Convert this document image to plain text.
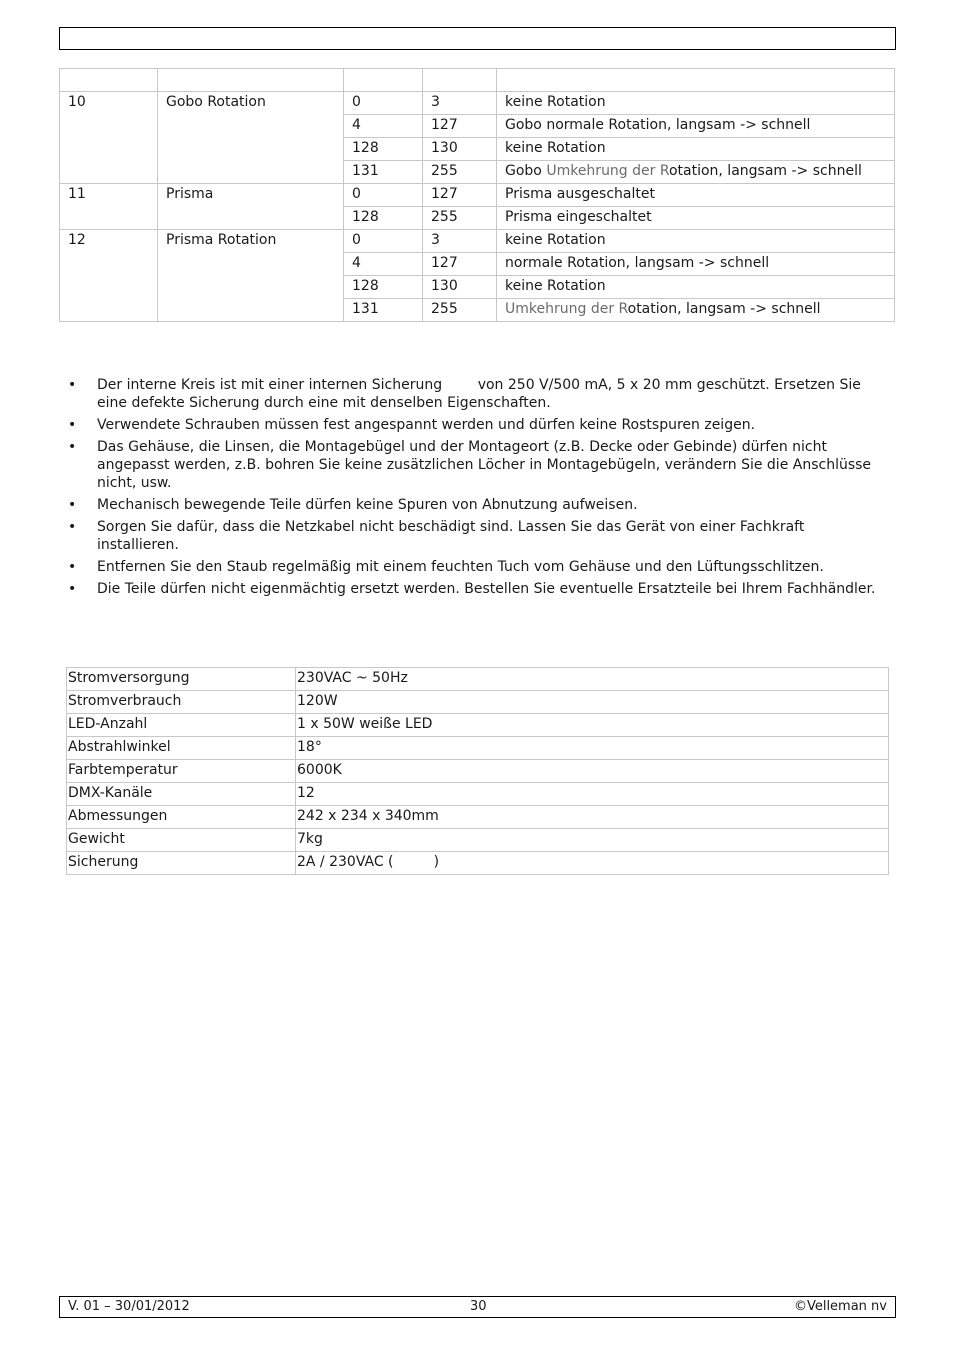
10	Gobo Rotation	0	3	keine Rotation
		4	127	Gobo normale Rotation, langsam -> schnell
		128	130	keine Rotation
		131	255	Gobo Umkehrung der Rotation, langsam -> schnell
11	Prisma	0	127	Prisma ausgeschaltet
		128	255	Prisma eingeschaltet
12	Prisma Rotation	0	3	keine Rotation
		4	127	normale Rotation, langsam -> schnell
		128	130	keine Rotation
		131	255	Umkehrung der Rotation, langsam -> schnell
• Der interne Kreis ist mit einer internen Sicherung        von 250 V/500 mA, 5 x 20 mm geschützt. Ersetzen Sie eine defekte Sicherung durch eine mit denselben Eigenschaften.
• Verwendete Schrauben müssen fest angespannt werden und dürfen keine Rostspuren zeigen.
• Das Gehäuse, die Linsen, die Montagebügel und der Montageort (z.B. Decke oder Gebinde) dürfen nicht angepasst werden, z.B. bohren Sie keine zusätzlichen Löcher in Montagebügeln, verändern Sie die Anschlüsse nicht, usw.
• Mechanisch bewegende Teile dürfen keine Spuren von Abnutzung aufweisen.
• Sorgen Sie dafür, dass die Netzkabel nicht beschädigt sind. Lassen Sie das Gerät von einer Fachkraft installieren.
• Entfernen Sie den Staub regelmäßig mit einem feuchten Tuch vom Gehäuse und den Lüftungsschlitzen.
• Die Teile dürfen nicht eigenmächtig ersetzt werden. Bestellen Sie eventuelle Ersatzteile bei Ihrem Fachhändler.
Stromversorgung	230VAC ~ 50Hz
Stromverbrauch	120W
LED-Anzahl	1 x 50W weiße LED
Abstrahlwinkel	18°
Farbtemperatur	6000K
DMX-Kanäle	12
Abmessungen	242 x 234 x 340mm
Gewicht	7kg
Sicherung	2A / 230VAC (         )
V. 01 – 30/01/2012	30	©Velleman nv
